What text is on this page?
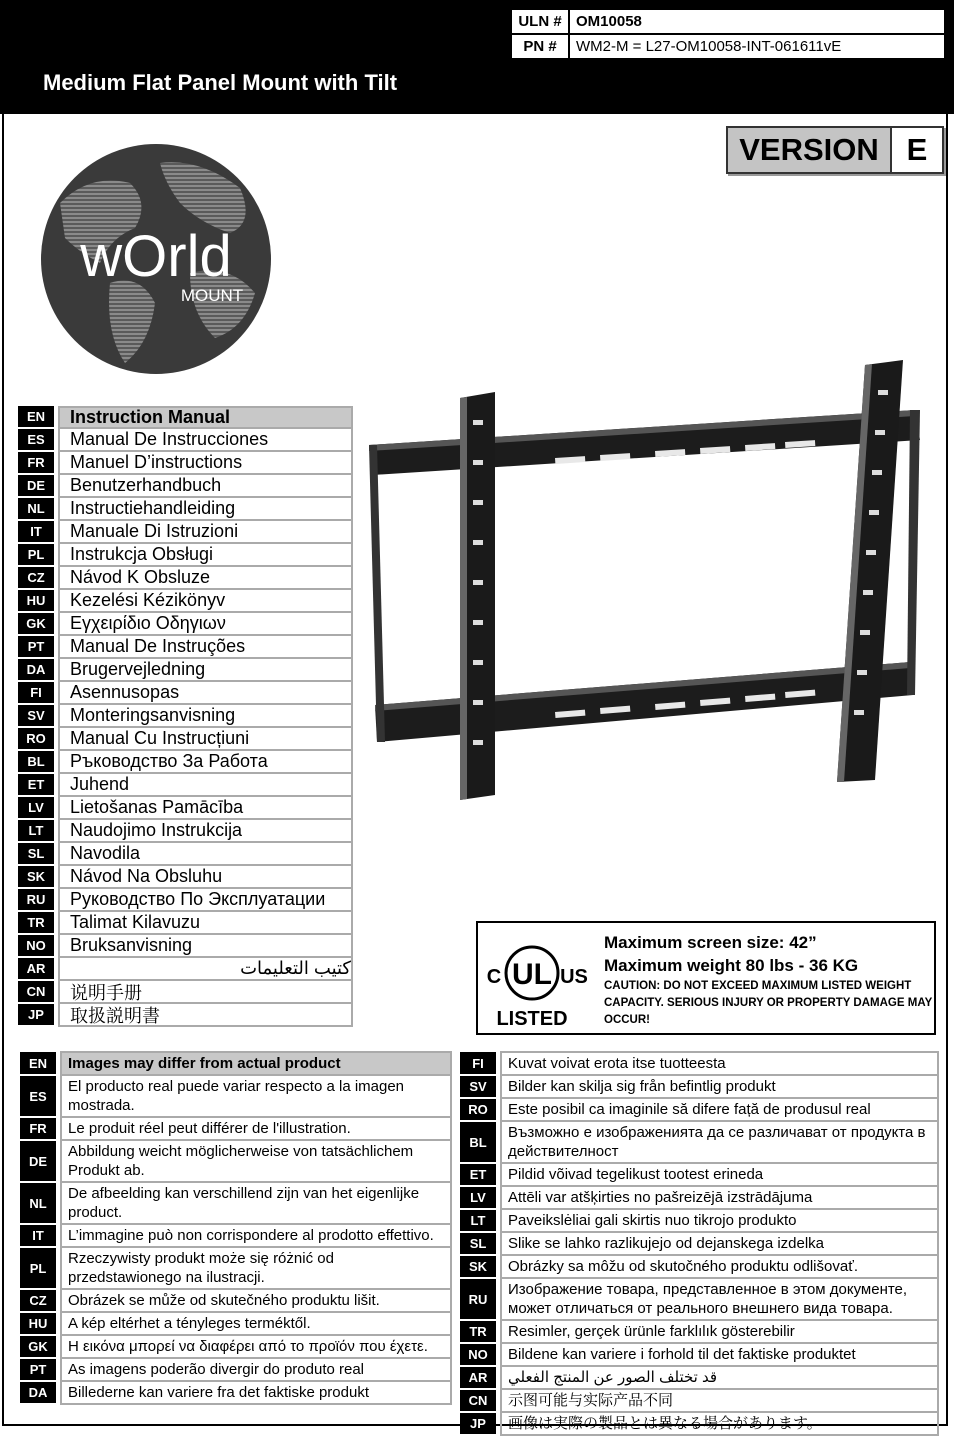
Medium Flat Panel Mount with Tilt
ULN #	OM10058
PN #	WM2-M = L27-OM10058-INT-061611vE
VERSION E
wOrld
MOUNT
EN	Instruction Manual
ES	Manual De Instrucciones
FR	Manuel D’instructions
DE	Benutzerhandbuch
NL	Instructiehandleiding
IT	Manuale Di Istruzioni
PL	Instrukcja Obsługi
CZ	Návod K Obsluze
HU	Kezelési Kézikönyv
GK	Εγχειρίδιο Οδηγιων
PT	Manual De Instruções
DA	Brugervejledning
FI	Asennusopas
SV	Monteringsanvisning
RO	Manual Cu Instrucțiuni
BL	Ръководство За Работа
ET	Juhend
LV	Lietošanas Pamācība
LT	Naudojimo Instrukcija
SL	Navodila
SK	Návod Na Obsluhu
RU	Руководство По Эксплуатации
TR	Talimat Kilavuzu
NO	Bruksanvisning
AR	كتيب التعليمات
CN	说明手册
JP	取扱説明書
C UL US
LISTED
Maximum screen size: 42”
Maximum weight 80 lbs - 36 KG
CAUTION: DO NOT EXCEED MAXIMUM LISTED WEIGHT CAPACITY. SERIOUS INJURY OR PROPERTY DAMAGE MAY OCCUR!
EN		Images may differ from actual product
ES		El producto real puede variar respecto a la imagen mostrada.
FR		Le produit réel peut différer de l'illustration.
DE		Abbildung weicht möglicherweise von tatsächlichem Produkt ab.
NL		De afbeelding kan verschillend zijn van het eigenlijke product.
IT		L’immagine può non corrispondere al prodotto effettivo.
PL		Rzeczywisty produkt może się różnić od przedstawionego na ilustracji.
CZ		Obrázek se může od skutečného produktu lišit.
HU		A kép eltérhet a tényleges terméktől.
GK		Η εικόνα μπορεί να διαφέρει από το προϊόν που έχετε.
PT		As imagens poderão divergir do produto real
DA		Billederne kan variere fra det faktiske produkt
FI		Kuvat voivat erota itse tuotteesta
SV		Bilder kan skilja sig från befintlig produkt
RO		Este posibil ca imaginile să difere față de produsul real
BL		Възможно е изображенията да се различават от продукта в действителност
ET		Pildid võivad tegelikust tootest erineda
LV		Attēli var atšķirties no pašreizējā izstrādājuma
LT		Paveikslėliai gali skirtis nuo tikrojo produkto
SL		Slike se lahko razlikujejo od dejanskega izdelka
SK		Obrázky sa môžu od skutočného produktu odlišovať.
RU		Изображение товара, представленное в этом документе, может отличаться от реального внешнего вида товара.
TR		Resimler, gerçek ürünle farklılık gösterebilir
NO		Bildene kan variere i forhold til det faktiske produktet
AR		قد تختلف الصور عن المنتج الفعلي
CN		示图可能与实际产品不同
JP		画像は実際の製品とは異なる場合があります。
